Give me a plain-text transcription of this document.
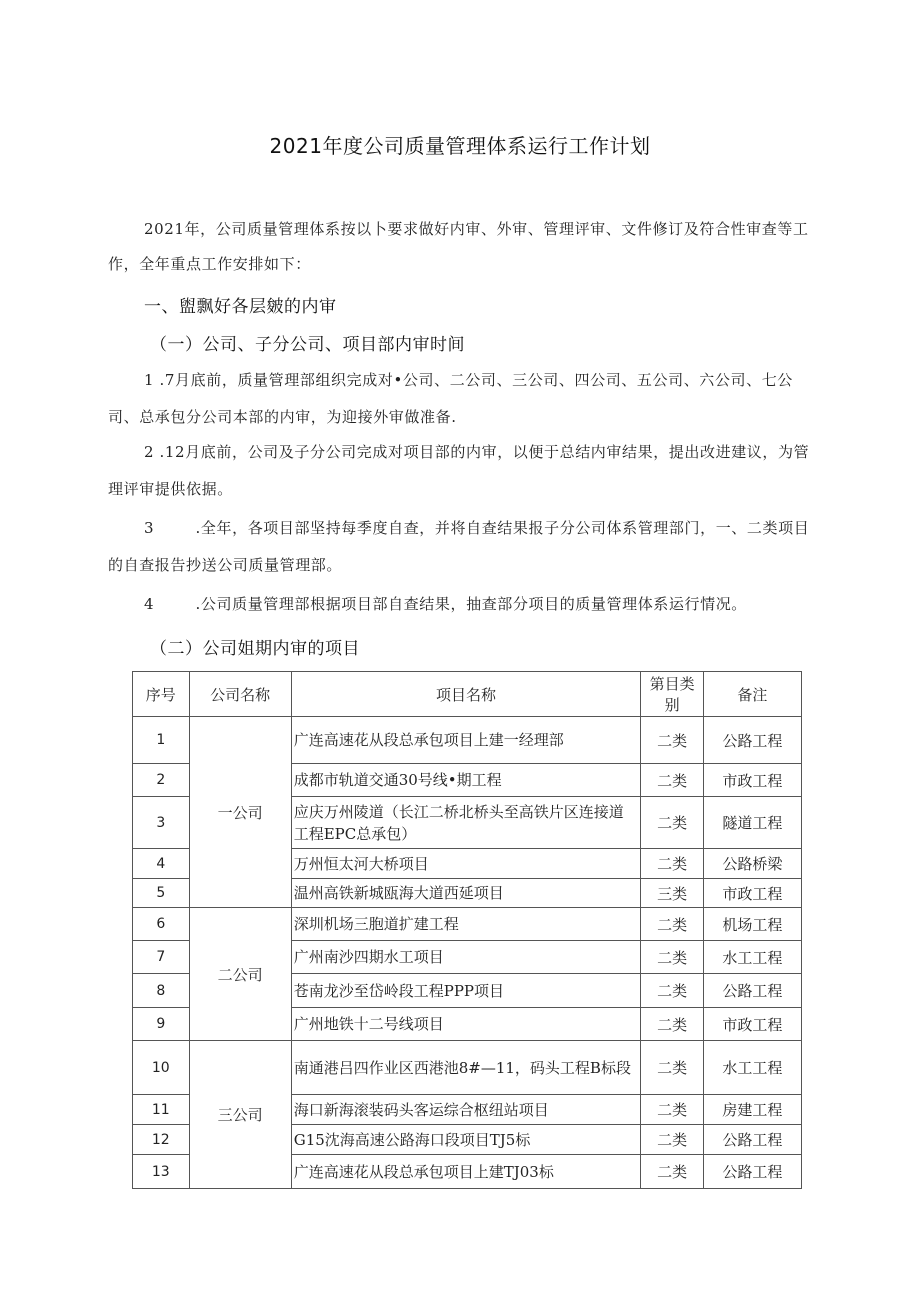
2021年度公司质量管理体系运行工作计划
2021年，公司质量管理体系按以卜要求做好内审、外审、管理评审、文件修订及符合性审查等工作，全年重点工作安排如下：
一、盥飘好各层皴的内审
（一）公司、子分公司、项目部内审时间
1 .7月底前，质量管理部组织完成对•公司、二公司、三公司、四公司、五公司、六公司、七公司、总承包分公司本部的内审，为迎接外审做准备.
2 .12月底前，公司及子分公司完成对项目部的内审，以便于总结内审结果，提出改进建议，为管理评审提供依据。
3	.全年，各项目部坚持每季度自查，并将自查结果报子分公司体系管理部门，一、二类项目的自查报告抄送公司质量管理部。
4	.公司质量管理部根据项目部自查结果，抽查部分项目的质量管理体系运行情况。
（二）公司姐期内审的项目
序号	公司名称	项目名称	第目类别	备注
1	一公司	广连高速花从段总承包项目上建一经理部	二类	公路工程
2		成都市轨道交通30号线•期工程	二类	市政工程
3		应庆万州陵道（长江二桥北桥头至高铁片区连接道工程EPC总承包）	二类	隧道工程
4		万州恒太河大桥项目	二类	公路桥梁
5		温州高铁新城瓯海大道西延项目	三类	市政工程
6	二公司	深圳机场三胞道扩建工程	二类	机场工程
7		广州南沙四期水工项目	二类	水工工程
8		苍南龙沙至岱岭段工程PPP项目	二类	公路工程
9		广州地铁十二号线项目	二类	市政工程
10	三公司	南通港吕四作业区西港池8#—11，码头工程B标段	二类	水工工程
11		海口新海滚装码头客运综合枢纽站项目	二类	房建工程
12		G15沈海高速公路海口段项目TJ5标	二类	公路工程
13		广连高速花从段总承包项目上建TJ03标	二类	公路工程
